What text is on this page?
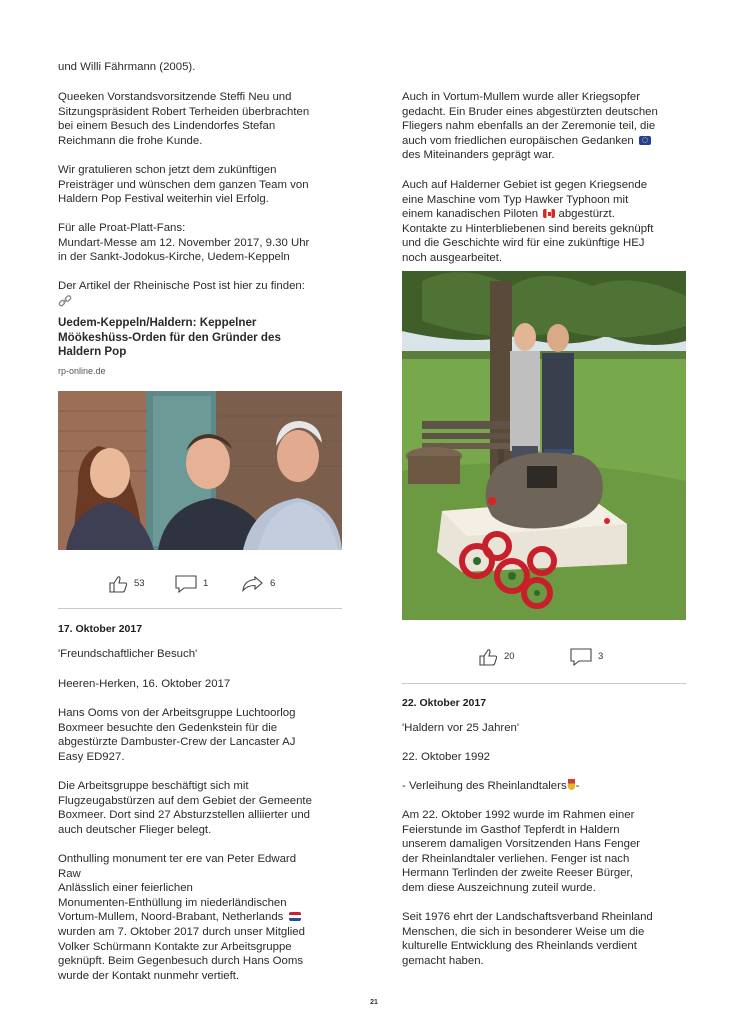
und Willi Fährmann (2005).

Queeken Vorstandsvorsitzende Steffi Neu und
Sitzungspräsident Robert Terheiden überbrachten
bei einem Besuch des Lindendorfes Stefan
Reichmann die frohe Kunde.
Wir gratulieren schon jetzt dem zukünftigen
Preisträger und wünschen dem ganzen Team von
Haldern Pop Festival weiterhin viel Erfolg.
Für alle Proat-Platt-Fans:
Mundart-Messe am 12. November 2017, 9.30 Uhr
in der Sankt-Jodokus-Kirche, Uedem-Keppeln
Der Artikel der Rheinische Post ist hier zu finden:
Uedem-Keppeln/Haldern: Keppelner
Möökeshüss-Orden für den Gründer des
Haldern Pop
rp-online.de
53	1	6
17. Oktober 2017
'Freundschaftlicher Besuch'
Heeren-Herken, 16. Oktober 2017
Hans Ooms von der Arbeitsgruppe Luchtoorlog
Boxmeer besuchte den Gedenkstein für die
abgestürzte Dambuster-Crew der Lancaster AJ
Easy ED927.
Die Arbeitsgruppe beschäftigt sich mit
Flugzeugabstürzen auf dem Gebiet der Gemeente
Boxmeer. Dort sind 27 Absturzstellen alliierter und
auch deutscher Flieger belegt.
Onthulling monument ter ere van Peter Edward
Raw
Anlässlich einer feierlichen
Monumenten-Enthüllung im niederländischen
Vortum-Mullem, Noord-Brabant, Netherlands
wurden am 7. Oktober 2017 durch unser Mitglied
Volker Schürmann Kontakte zur Arbeitsgruppe
geknüpft. Beim Gegenbesuch durch Hans Ooms
wurde der Kontakt nunmehr vertieft.
Auch in Vortum-Mullem wurde aller Kriegsopfer
gedacht. Ein Bruder eines abgestürzten deutschen
Fliegers nahm ebenfalls an der Zeremonie teil, die
auch vom friedlichen europäischen Gedanken
des Miteinanders geprägt war.
Auch auf Halderner Gebiet ist gegen Kriegsende
eine Maschine vom Typ Hawker Typhoon mit
einem kanadischen Piloten abgestürzt.
Kontakte zu Hinterbliebenen sind bereits geknüpft
und die Geschichte wird für eine zukünftige HEJ
noch ausgearbeitet.
20	3
22. Oktober 2017
'Haldern vor 25 Jahren'
22. Oktober 1992
- Verleihung des Rheinlandtalers -
Am 22. Oktober 1992 wurde im Rahmen einer
Feierstunde im Gasthof Tepferdt in Haldern
unserem damaligen Vorsitzenden Hans Fenger
der Rheinlandtaler verliehen. Fenger ist nach
Hermann Terlinden der zweite Reeser Bürger,
dem diese Auszeichnung zuteil wurde.
Seit 1976 ehrt der Landschaftsverband Rheinland
Menschen, die sich in besonderer Weise um die
kulturelle Entwicklung des Rheinlands verdient
gemacht haben.
21
